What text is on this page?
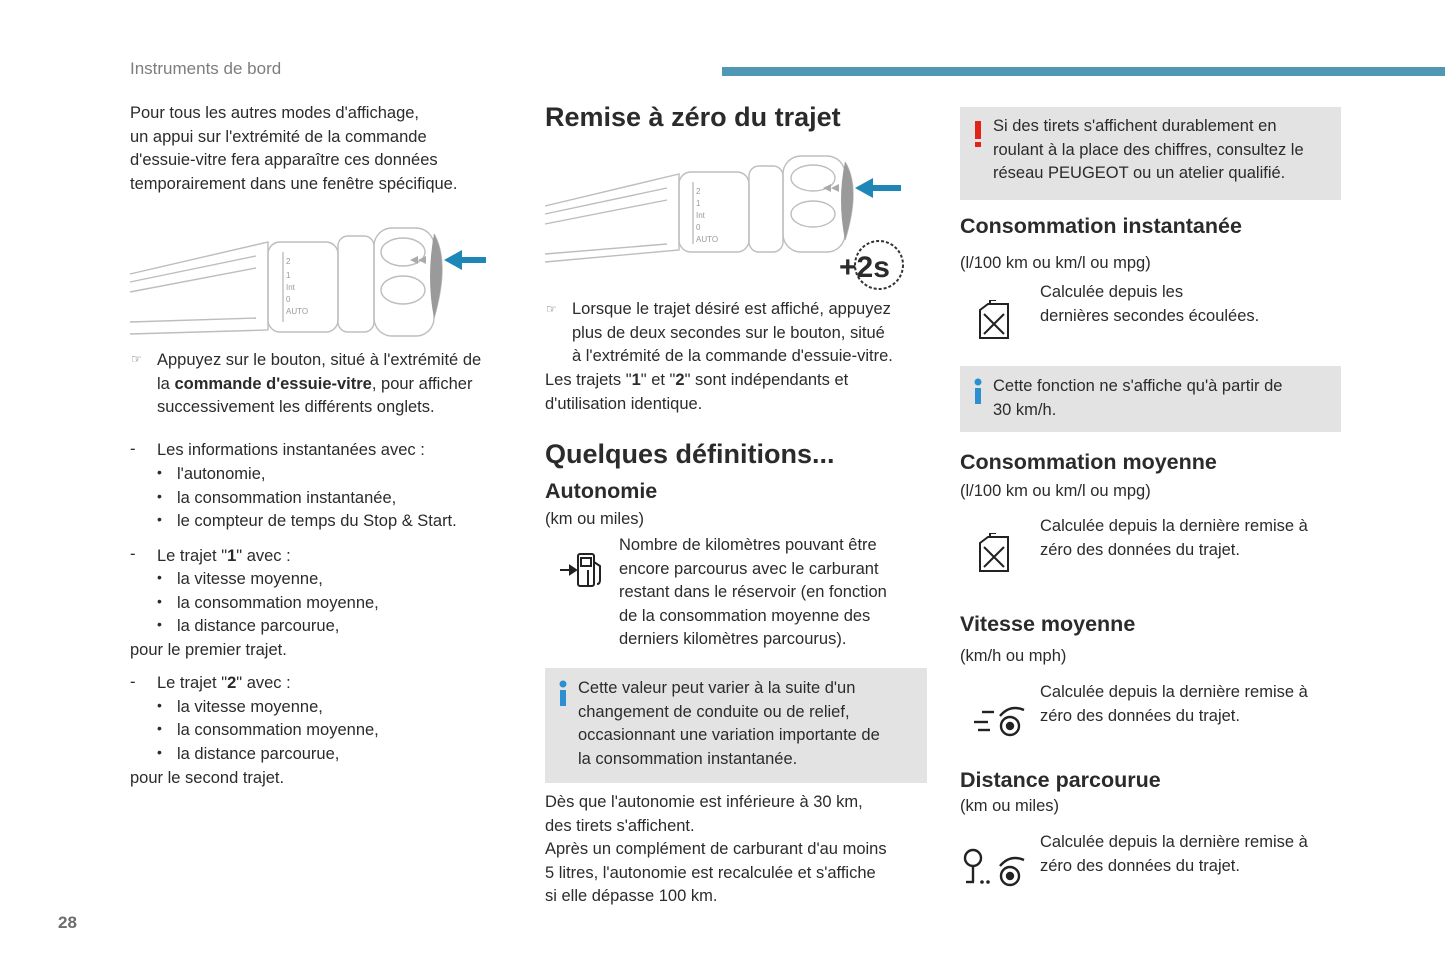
Instruments de bord
Pour tous les autres modes d'affichage,
un appui sur l'extrémité de la commande
d'essuie-vitre fera apparaître ces données
temporairement dans une fenêtre spécifique.
2
1
Int
0
AUTO
☞ Appuyez sur le bouton, situé à l'extrémité de
la commande d'essuie-vitre, pour afficher
successivement les différents onglets.
- Les informations instantanées avec :
• l'autonomie,
• la consommation instantanée,
• le compteur de temps du Stop & Start.
- Le trajet "1" avec :
• la vitesse moyenne,
• la consommation moyenne,
• la distance parcourue,
pour le premier trajet.
- Le trajet "2" avec :
• la vitesse moyenne,
• la consommation moyenne,
• la distance parcourue,
pour le second trajet.
Remise à zéro du trajet
2
1
Int
0
AUTO
+2s
☞ Lorsque le trajet désiré est affiché, appuyez
plus de deux secondes sur le bouton, situé
à l'extrémité de la commande d'essuie-vitre.
Les trajets "1" et "2" sont indépendants et
d'utilisation identique.
Quelques définitions...
Autonomie
(km ou miles)
Nombre de kilomètres pouvant être
encore parcourus avec le carburant
restant dans le réservoir (en fonction
de la consommation moyenne des
derniers kilomètres parcourus).
Cette valeur peut varier à la suite d'un
changement de conduite ou de relief,
occasionnant une variation importante de
la consommation instantanée.
Dès que l'autonomie est inférieure à 30 km,
des tirets s'affichent.
Après un complément de carburant d'au moins
5 litres, l'autonomie est recalculée et s'affiche
si elle dépasse 100 km.
Si des tirets s'affichent durablement en
roulant à la place des chiffres, consultez le
réseau PEUGEOT ou un atelier qualifié.
Consommation instantanée
(l/100 km ou km/l ou mpg)
Calculée depuis les
dernières secondes écoulées.
Cette fonction ne s'affiche qu'à partir de
30 km/h.
Consommation moyenne
(l/100 km ou km/l ou mpg)
Calculée depuis la dernière remise à
zéro des données du trajet.
Vitesse moyenne
(km/h ou mph)
Calculée depuis la dernière remise à
zéro des données du trajet.
Distance parcourue
(km ou miles)
Calculée depuis la dernière remise à
zéro des données du trajet.
28
